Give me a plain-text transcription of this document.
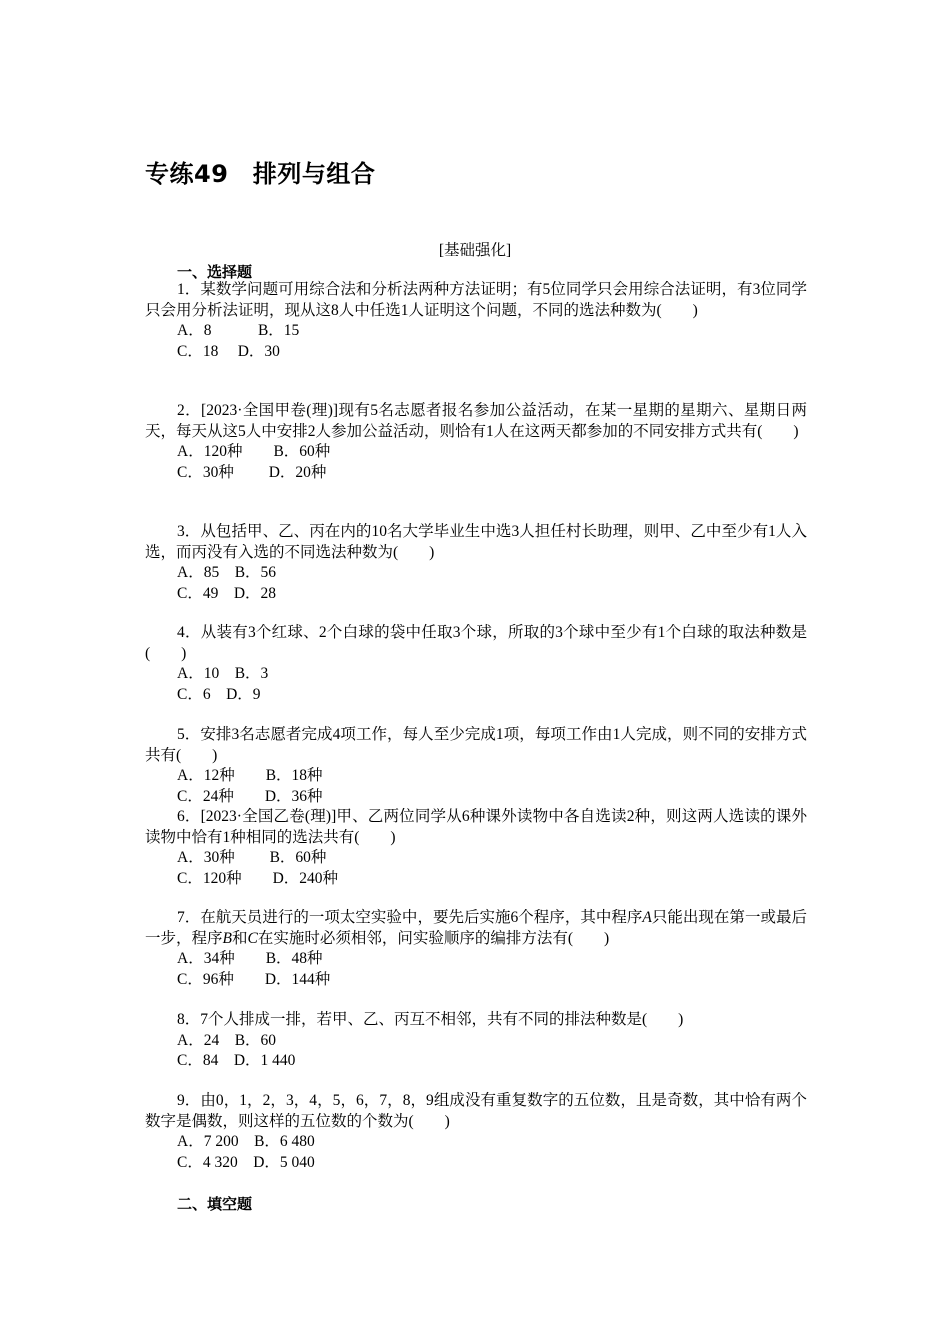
专练49　排列与组合
[基础强化]
一、选择题

1．某数学问题可用综合法和分析法两种方法证明；有5位同学只会用综合法证明，有3位同学只会用分析法证明，现从这8人中任选1人证明这个问题，不同的选法种数为(　　)

A．8　　　B．15

C．18　 D．30

2．[2023·全国甲卷(理)]现有5名志愿者报名参加公益活动，在某一星期的星期六、星期日两天，每天从这5人中安排2人参加公益活动，则恰有1人在这两天都参加的不同安排方式共有(　　)

A．120种　　B．60种

C．30种　　 D．20种

3．从包括甲、乙、丙在内的10名大学毕业生中选3人担任村长助理，则甲、乙中至少有1人入选，而丙没有入选的不同选法种数为(　　)

A．85　B．56

C．49　D．28

4．从装有3个红球、2个白球的袋中任取3个球，所取的3个球中至少有1个白球的取法种数是(　　)

A．10　B．3

C．6　D．9

5．安排3名志愿者完成4项工作，每人至少完成1项，每项工作由1人完成，则不同的安排方式共有(　　)

A．12种　　B．18种

C．24种　　D．36种

6．[2023·全国乙卷(理)]甲、乙两位同学从6种课外读物中各自选读2种，则这两人选读的课外读物中恰有1种相同的选法共有(　　)

A．30种　　 B．60种

C．120种　　D．240种

7．在航天员进行的一项太空实验中，要先后实施6个程序，其中程序A只能出现在第一或最后一步，程序B和C在实施时必须相邻，问实验顺序的编排方法有(　　)

A．34种　　B．48种

C．96种　　D．144种

8．7个人排成一排，若甲、乙、丙互不相邻，共有不同的排法种数是(　　)

A．24　B．60

C．84　D．1 440

9．由0，1，2，3，4，5，6，7，8，9组成没有重复数字的五位数，且是奇数，其中恰有两个数字是偶数，则这样的五位数的个数为(　　)

A．7 200　B．6 480

C．4 320　D．5 040

二、填空题
